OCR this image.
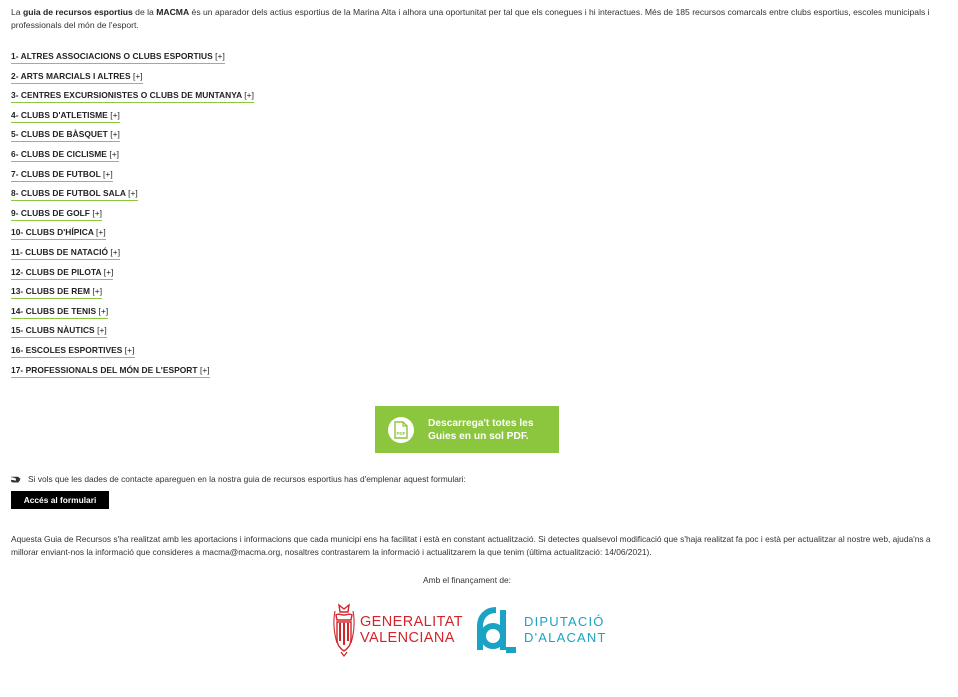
La guia de recursos esportius de la MACMA és un aparador dels actius esportius de la Marina Alta i alhora una oportunitat per tal que els conegues i hi interactues. Més de 185 recursos comarcals entre clubs esportius, escoles municipals i professionals del món de l'esport.

1- ALTRES ASSOCIACIONS O CLUBS ESPORTIUS [+]
2- ARTS MARCIALS I ALTRES [+]
3- CENTRES EXCURSIONISTES O CLUBS DE MUNTANYA [+]
4- CLUBS D'ATLETISME [+]
5- CLUBS DE BÀSQUET [+]
6- CLUBS DE CICLISME [+]
7- CLUBS DE FUTBOL [+]
8- CLUBS DE FUTBOL SALA [+]
9- CLUBS DE GOLF [+]
10- CLUBS D'HÍPICA [+]
11- CLUBS DE NATACIÓ [+]
12- CLUBS DE PILOTA [+]
13- CLUBS DE REM [+]
14- CLUBS DE TENIS [+]
15- CLUBS NÀUTICS [+]
16- ESCOLES ESPORTIVES [+]
17- PROFESSIONALS DEL MÓN DE L'ESPORT [+]
PDF
Descarrega't totes les
Guies en un sol PDF.
Si vols que les dades de contacte apareguen en la nostra guia de recursos esportius has d'emplenar aquest formulari:
Accés al formulari

Aquesta Guia de Recursos s'ha realitzat amb les aportacions i informacions que cada municipi ens ha facilitat i està en constant actualització. Si detectes qualsevol modificació que s'haja realitzat fa poc i està per actualitzar al nostre web, ajuda'ns a millorar enviant-nos la informació que consideres a macma@macma.org, nosaltres contrastarem la informació i actualitzarem la que tenim (última actualització: 14/06/2021).

Amb el finançament de:

GENERALITAT
VALENCIANA
DIPUTACIÓ
D'ALACANT
